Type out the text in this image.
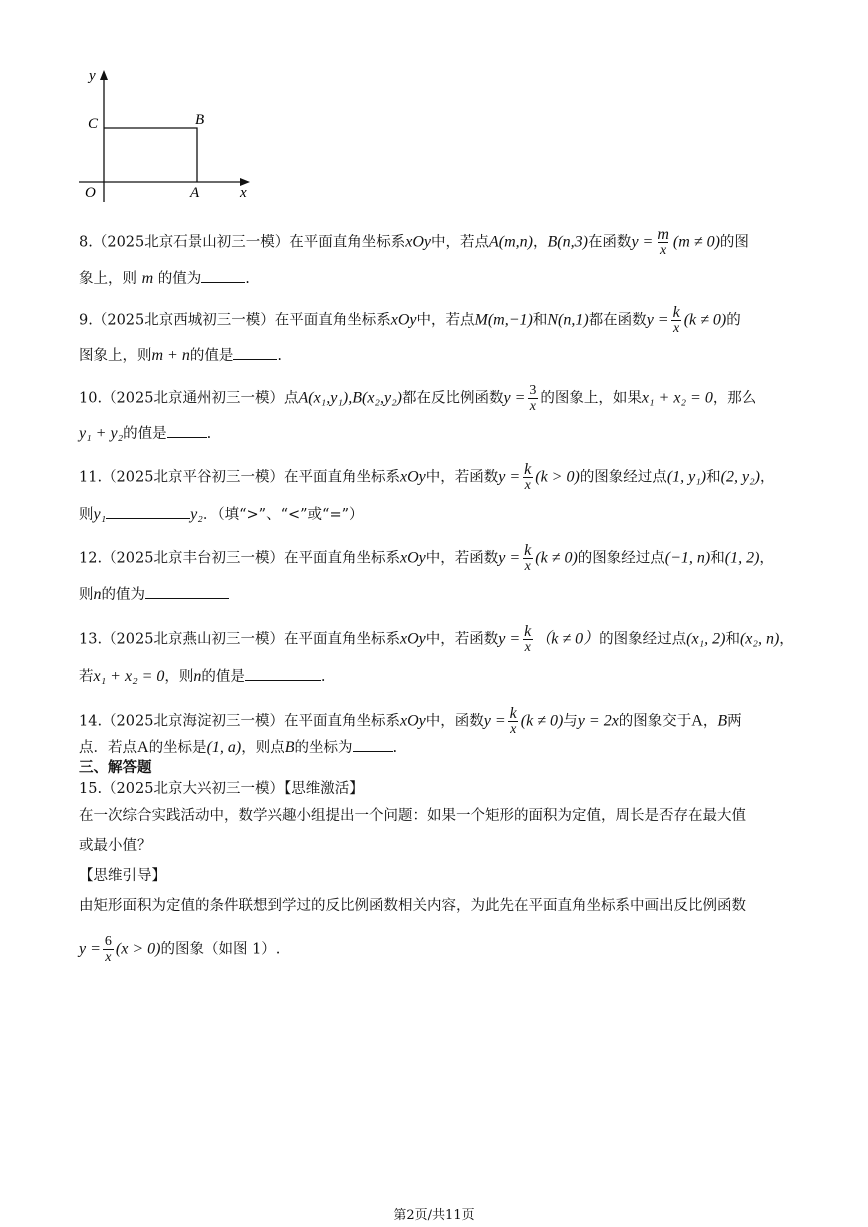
y
C	B
O	A	x
8.（2025北京石景山初三一模）在平面直角坐标系xOy中，若点A(m,n)，B(n,3)在函数$y = \frac{m}{x} (m \ne 0)$的图
象上，则 m 的值为	.
9.（2025北京西城初三一模）在平面直角坐标系xOy中，若点M(m,−1)和N(n,1)都在函数$y = \frac{k}{x} (k \ne 0)$的
图象上，则m + n的值是	.
10.（2025北京通州初三一模）点A(x₁,y₁),B(x₂,y₂)都在反比例函数$y = \frac{3}{x}$ 的图象上，如果x₁ + x₂ = 0，那么
y₁ + y₂的值是	.
11.（2025北京平谷初三一模）在平面直角坐标系xOy中，若函数$y = \frac{k}{x} (k > 0)$的图象经过点(1, y₁)和(2, y₂)，
则y₁	y₂．（填“>”、“<”或“=”）
12.（2025北京丰台初三一模）在平面直角坐标系xOy中，若函数$y = \frac{k}{x} (k \ne 0)$的图象经过点(−1, n)和(1, 2)，
则n的值为
13.（2025北京燕山初三一模）在平面直角坐标系xOy中，若函数$y = \frac{k}{x} (k \ne 0)$的图象经过点(x₁, 2)和(x₂, n)，
若x₁ + x₂ = 0，则n的值是	.
14.（2025北京海淀初三一模）在平面直角坐标系xOy中，函数$y = \frac{k}{x} (k \ne 0)$与y = 2x的图象交于A，B两
点．若点A的坐标是(1, a)，则点B的坐标为	.
三、解答题
15.（2025北京大兴初三一模）【思维激活】
在一次综合实践活动中，数学兴趣小组提出一个问题：如果一个矩形的面积为定值，周长是否存在最大值
或最小值？
【思维引导】
由矩形面积为定值的条件联想到学过的反比例函数相关内容，为此先在平面直角坐标系中画出反比例函数
$y = \frac{6}{x} (x > 0)$的图象（如图 1）.
第2页/共11页
